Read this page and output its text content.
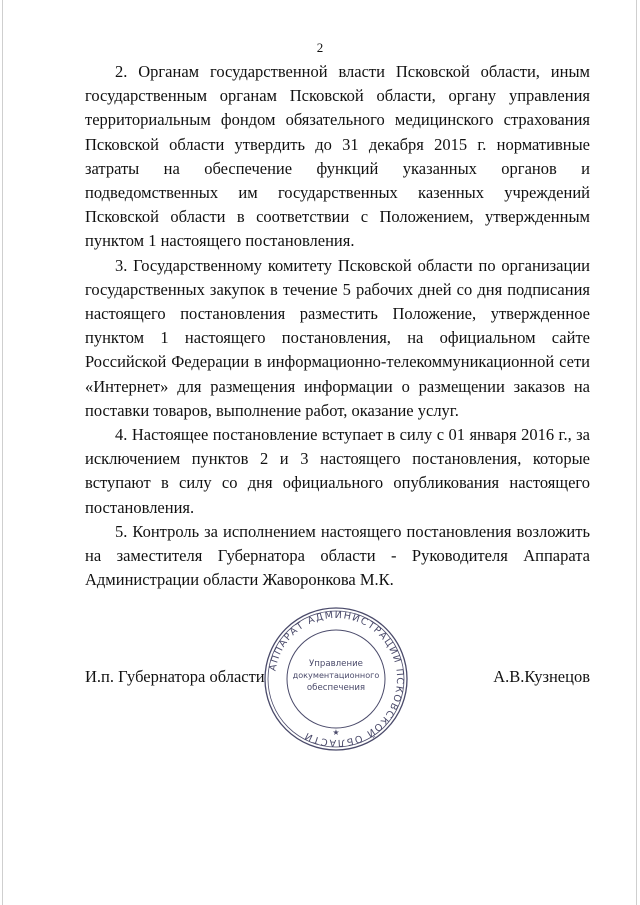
2

2. Органам государственной власти Псковской области, иным государственным органам Псковской области, органу управления территориальным фондом обязательного медицинского страхования Псковской области утвердить до 31 декабря 2015 г. нормативные затраты на обеспечение функций указанных органов и подведомственных им государственных казенных учреждений Псковской области в соответствии с Положением, утвержденным пунктом 1 настоящего постановления.

3. Государственному комитету Псковской области по организации государственных закупок в течение 5 рабочих дней со дня подписания настоящего постановления разместить Положение, утвержденное пунктом 1 настоящего постановления, на официальном сайте Российской Федерации в информационно-телекоммуникационной сети «Интернет» для размещения информации о размещении заказов на поставки товаров, выполнение работ, оказание услуг.

4. Настоящее постановление вступает в силу с 01 января 2016 г., за исключением пунктов 2 и 3 настоящего постановления, которые вступают в силу со дня официального опубликования настоящего постановления.

5. Контроль за исполнением настоящего постановления возложить на заместителя Губернатора области - Руководителя Аппарата Администрации области Жаворонкова М.К.

И.п. Губернатора области	А.В.Кузнецов
АППАРАТ АДМИНИСТРАЦИИ ПСКОВСКОЙ ОБЛАСТИ
Управление
документационного
обеспечения
★
